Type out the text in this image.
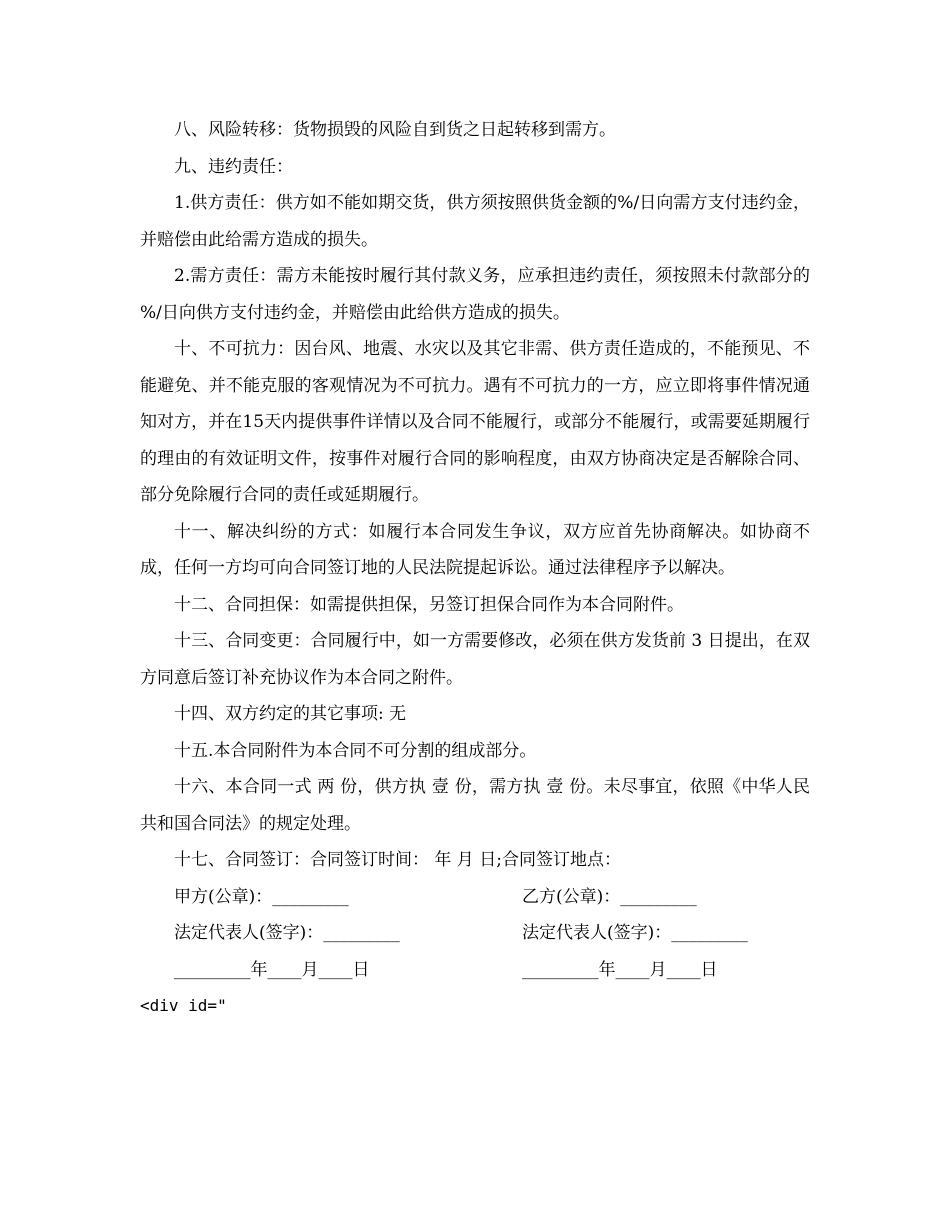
八、风险转移：货物损毁的风险自到货之日起转移到需方。

九、违约责任：

1.供方责任：供方如不能如期交货，供方须按照供货金额的%/日向需方支付违约金，并赔偿由此给需方造成的损失。

2.需方责任：需方未能按时履行其付款义务，应承担违约责任，须按照未付款部分的 %/日向供方支付违约金，并赔偿由此给供方造成的损失。

十、不可抗力：因台风、地震、水灾以及其它非需、供方责任造成的，不能预见、不能避免、并不能克服的客观情况为不可抗力。遇有不可抗力的一方，应立即将事件情况通知对方，并在15天内提供事件详情以及合同不能履行，或部分不能履行，或需要延期履行的理由的有效证明文件，按事件对履行合同的影响程度，由双方协商决定是否解除合同、部分免除履行合同的责任或延期履行。

十一、解决纠纷的方式：如履行本合同发生争议，双方应首先协商解决。如协商不成，任何一方均可向合同签订地的人民法院提起诉讼。通过法律程序予以解决。

十二、合同担保：如需提供担保，另签订担保合同作为本合同附件。

十三、合同变更：合同履行中，如一方需要修改，必须在供方发货前 3 日提出，在双方同意后签订补充协议作为本合同之附件。

十四、双方约定的其它事项: 无

十五.本合同附件为本合同不可分割的组成部分。

十六、本合同一式 两 份，供方执 壹 份，需方执 壹 份。未尽事宜，依照《中华人民共和国合同法》的规定处理。

十七、合同签订：合同签订时间： 年 月 日;合同签订地点：

甲方(公章)：_________	乙方(公章)：_________
法定代表人(签字)：_________	法定代表人(签字)：_________
_________年____月____日	_________年____月____日

<div id="
